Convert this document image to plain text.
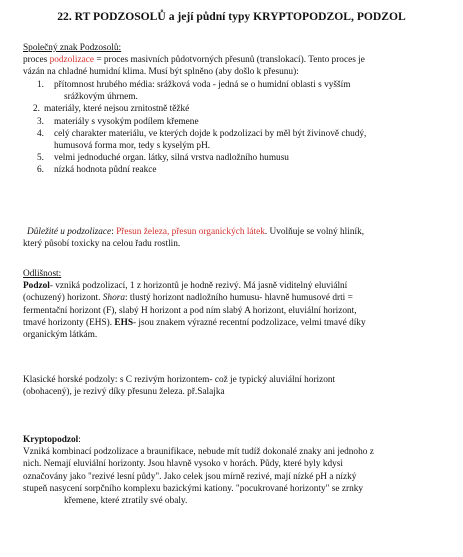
22. RT PODZOSOLŮ a její půdní typy KRYPTOPODZOL, PODZOL

Společný znak Podzosolů:

proces podzolizace = proces masivních půdotvorných přesunů (translokací). Tento proces je

vázán na chladné humidní klima. Musí být splněno (aby došlo k přesunu):

1. přítomnost hrubého média: srážková voda - jedná se o humidní oblasti s vyšším
srážkovým úhrnem.
2. materiály, které nejsou zrnitostně těžké
3. materiály s vysokým podílem křemene
4. celý charakter materiálu, ve kterých dojde k podzolizaci by měl být živinově chudý,
humusová forma mor, tedy s kyselým pH.
5. velmi jednoduché organ. látky, silná vrstva nadložního humusu
6. nízká hodnota půdní reakce

Důležité u podzolizace: Přesun železa, přesun organických látek. Uvolňuje se volný hliník,

který působí toxicky na celou řadu rostlin.

Odlišnost:

Podzol- vzniká podzolizací, 1 z horizontů je hodně rezivý. Má jasně viditelný eluviální

(ochuzený) horizont. Shora: tlustý horizont nadložního humusu- hlavně humusové drti =

fermentační horizont (F), slabý H horizont a pod ním slabý A horizont, eluviální horizont,

tmavé horizonty (EHS). EHS- jsou znakem výrazné recentní podzolizace, velmi tmavé díky

organickým látkám.

Klasické horské podzoly: s C rezivým horizontem- což je typický aluviální horizont

(obohacený), je rezivý díky přesunu železa. př.Salajka

Kryptopodzol:

Vzniká kombinací podzolizace a braunifikace, nebude mít tudíž dokonalé znaky ani jednoho z

nich. Nemají eluviální horizonty. Jsou hlavně vysoko v horách. Půdy, které byly kdysi

označovány jako "rezivé lesní půdy". Jako celek jsou mírně rezivé, mají nízké pH a nízký

stupeň nasycení sorpčního komplexu bazickými kationy. "pocukrované horizonty" se zrnky

křemene, které ztratily své obaly.
